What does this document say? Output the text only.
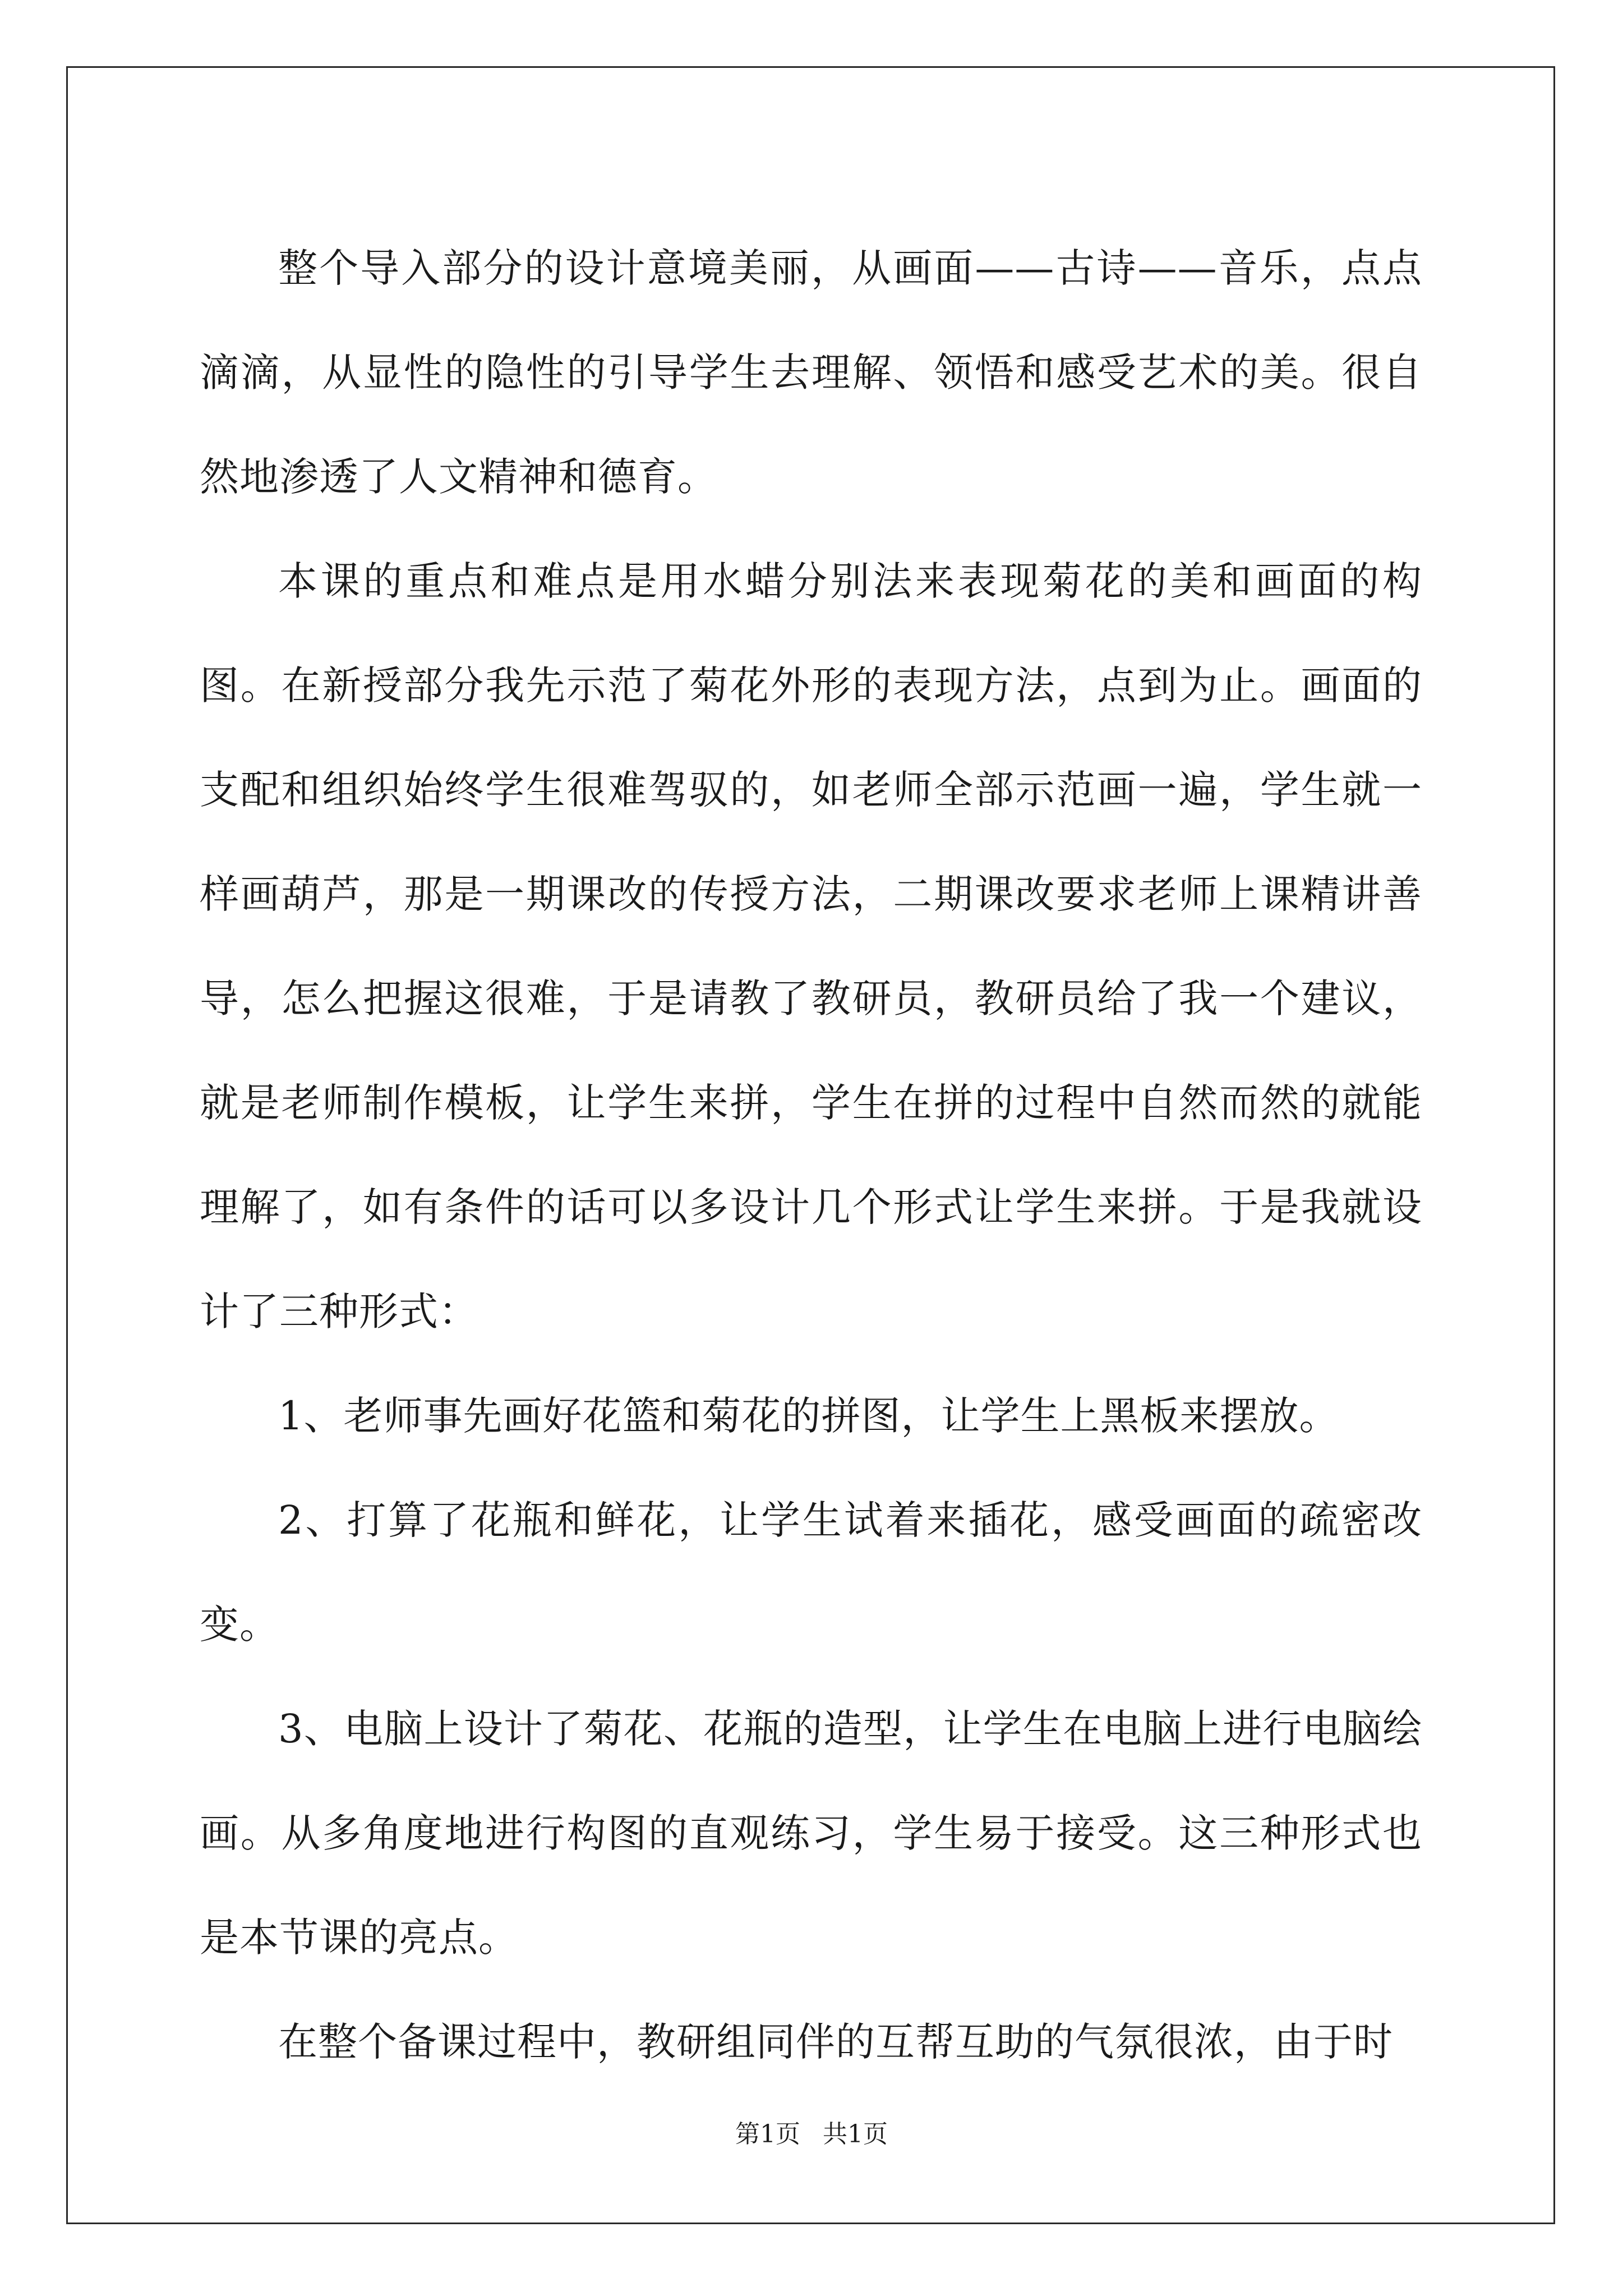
整个导入部分的设计意境美丽，从画面——古诗——音乐，点点滴滴，从显性的隐性的引导学生去理解、领悟和感受艺术的美。很自然地渗透了人文精神和德育。

本课的重点和难点是用水蜡分别法来表现菊花的美和画面的构图。在新授部分我先示范了菊花外形的表现方法，点到为止。画面的支配和组织始终学生很难驾驭的，如老师全部示范画一遍，学生就一样画葫芦，那是一期课改的传授方法，二期课改要求老师上课精讲善导，怎么把握这很难，于是请教了教研员，教研员给了我一个建议，就是老师制作模板，让学生来拼，学生在拼的过程中自然而然的就能理解了，如有条件的话可以多设计几个形式让学生来拼。于是我就设计了三种形式：

1、老师事先画好花篮和菊花的拼图，让学生上黑板来摆放。

2、打算了花瓶和鲜花，让学生试着来插花，感受画面的疏密改变。

3、电脑上设计了菊花、花瓶的造型，让学生在电脑上进行电脑绘画。从多角度地进行构图的直观练习，学生易于接受。这三种形式也是本节课的亮点。

在整个备课过程中，教研组同伴的互帮互助的气氛很浓，由于时

第1页 共1页
